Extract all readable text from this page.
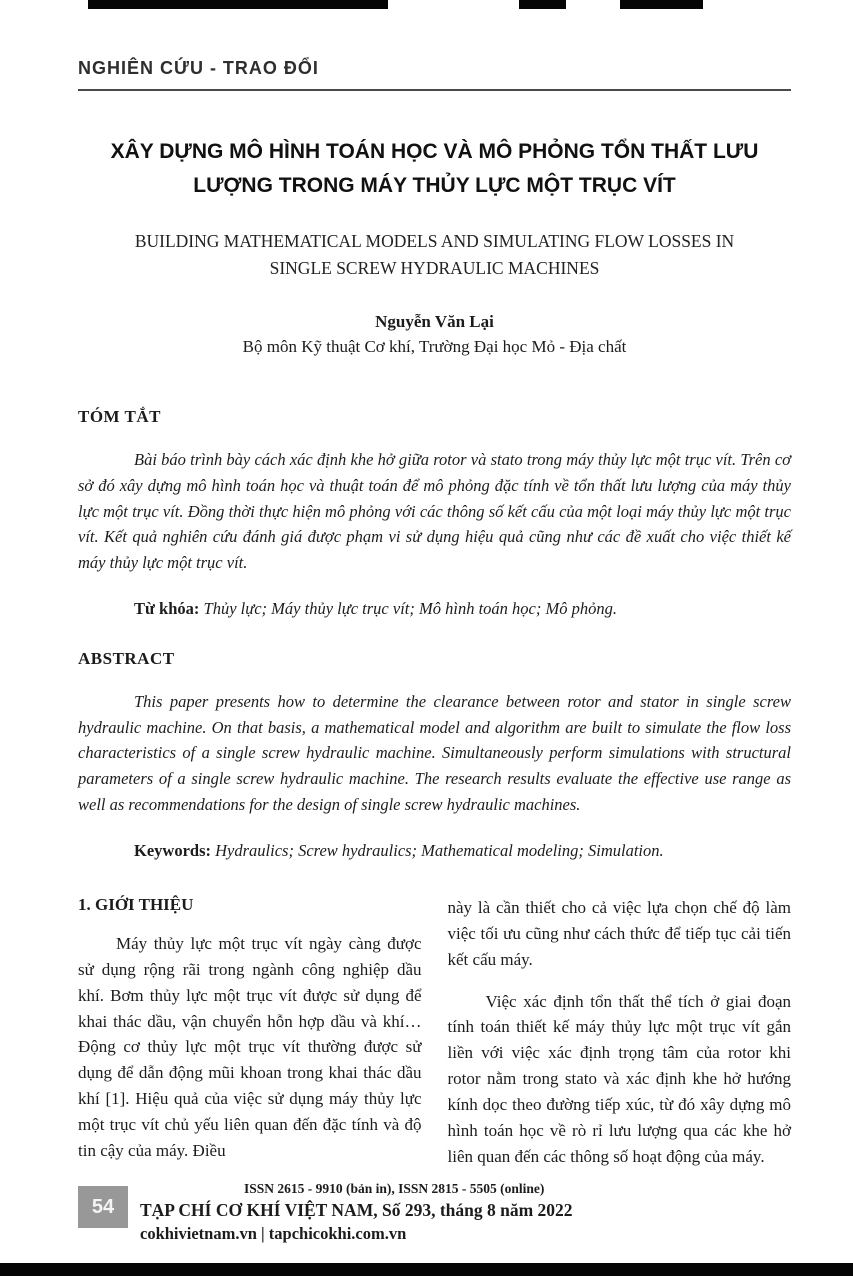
NGHIÊN CỨU - TRAO ĐỔI
XÂY DỰNG MÔ HÌNH TOÁN HỌC VÀ MÔ PHỎNG TỔN THẤT LƯU LƯỢNG TRONG MÁY THỦY LỰC MỘT TRỤC VÍT
BUILDING MATHEMATICAL MODELS AND SIMULATING FLOW LOSSES IN SINGLE SCREW HYDRAULIC MACHINES
Nguyễn Văn Lại
Bộ môn Kỹ thuật Cơ khí, Trường Đại học Mỏ - Địa chất
TÓM TẮT

Bài báo trình bày cách xác định khe hở giữa rotor và stato trong máy thủy lực một trục vít. Trên cơ sở đó xây dựng mô hình toán học và thuật toán để mô phỏng đặc tính về tổn thất lưu lượng của máy thủy lực một trục vít. Đồng thời thực hiện mô phỏng với các thông số kết cấu của một loại máy thủy lực một trục vít. Kết quả nghiên cứu đánh giá được phạm vi sử dụng hiệu quả cũng như các đề xuất cho việc thiết kế máy thủy lực một trục vít.

Từ khóa: Thủy lực; Máy thủy lực trục vít; Mô hình toán học; Mô phỏng.

ABSTRACT

This paper presents how to determine the clearance between rotor and stator in single screw hydraulic machine. On that basis, a mathematical model and algorithm are built to simulate the flow loss characteristics of a single screw hydraulic machine. Simultaneously perform simulations with structural parameters of a single screw hydraulic machine. The research results evaluate the effective use range as well as recommendations for the design of single screw hydraulic machines.

Keywords: Hydraulics; Screw hydraulics; Mathematical modeling; Simulation.

1. GIỚI THIỆU

Máy thủy lực một trục vít ngày càng được sử dụng rộng rãi trong ngành công nghiệp dầu khí. Bơm thủy lực một trục vít được sử dụng để khai thác dầu, vận chuyển hỗn hợp dầu và khí… Động cơ thủy lực một trục vít thường được sử dụng để dẫn động mũi khoan trong khai thác dầu khí [1]. Hiệu quả của việc sử dụng máy thủy lực một trục vít chủ yếu liên quan đến đặc tính và độ tin cậy của máy. Điều

này là cần thiết cho cả việc lựa chọn chế độ làm việc tối ưu cũng như cách thức để tiếp tục cải tiến kết cấu máy.

Việc xác định tổn thất thể tích ở giai đoạn tính toán thiết kế máy thủy lực một trục vít gắn liền với việc xác định trọng tâm của rotor khi rotor nằm trong stato và xác định khe hở hướng kính dọc theo đường tiếp xúc, từ đó xây dựng mô hình toán học về rò rỉ lưu lượng qua các khe hở liên quan đến các thông số hoạt động của máy.

54
ISSN 2615 - 9910 (bản in), ISSN 2815 - 5505 (online)
TẠP CHÍ CƠ KHÍ VIỆT NAM, Số 293, tháng 8 năm 2022
cokhivietnam.vn | tapchicokhi.com.vn
